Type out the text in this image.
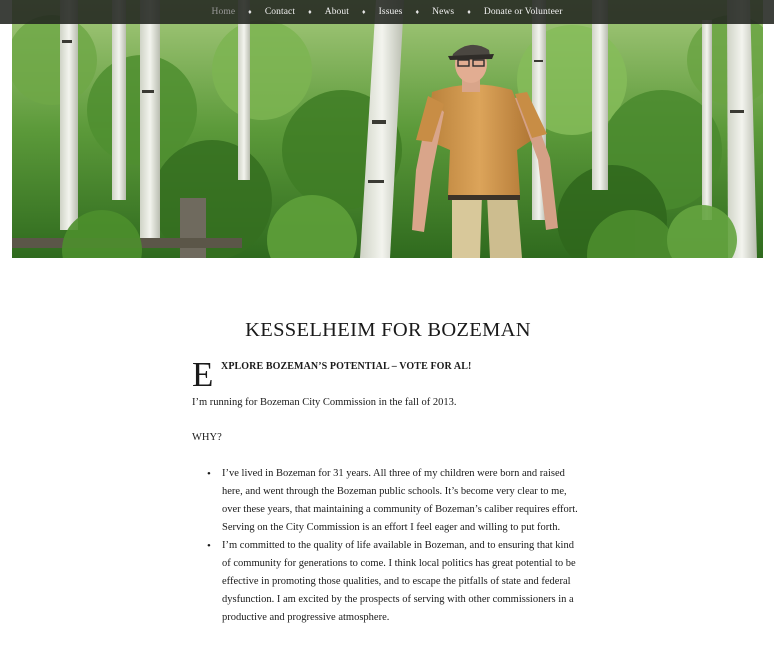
Home ♦ Contact ♦ About ♦ Issues ♦ News ♦ Donate or Volunteer
KESSELHEIM FOR BOZEMAN
E XPLORE BOZEMAN’S POTENTIAL – VOTE FOR AL!

I’m running for Bozeman City Commission in the fall of 2013.

WHY?

• I’ve lived in Bozeman for 31 years. All three of my children were born and raised here, and went through the Bozeman public schools. It’s become very clear to me, over these years, that maintaining a community of Bozeman’s caliber requires effort. Serving on the City Commission is an effort I feel eager and willing to put forth.
• I’m committed to the quality of life available in Bozeman, and to ensuring that kind of community for generations to come. I think local politics has great potential to be effective in promoting those qualities, and to escape the pitfalls of state and federal dysfunction. I am excited by the prospects of serving with other commissioners in a productive and progressive atmosphere.
